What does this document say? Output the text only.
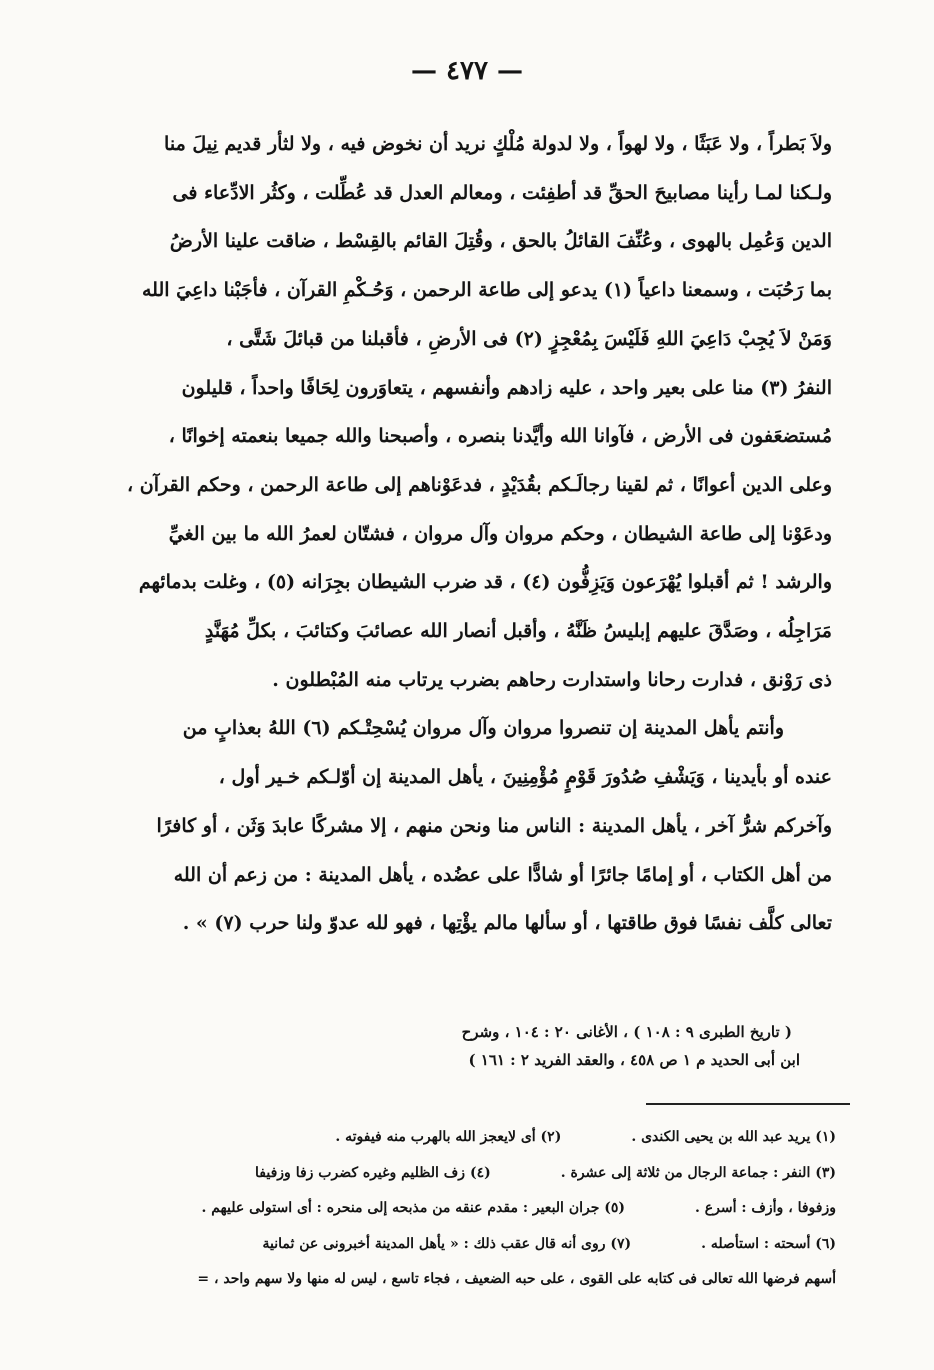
— ٤٧٧ —
ولاَ بَطراً ، ولا عَبَثًا ، ولا لهواً ، ولا لدولة مُلْكٍ نريد أن نخوض فيه ، ولا لثأر قديم نِيلَ منا
ولـكنا لمـا رأينا مصابيحَ الحقِّ قد أطفِئت ، ومعالم العدل قد عُطِّلت ، وكثُر الادِّعاء فى
الدين وَعُمِل بالهوى ، وعُنِّفَ القائلُ بالحق ، وقُتِلَ القائم بالقِسْط ، ضاقت علينا الأرضُ
بما رَحُبَت ، وسمعنا داعياً (١) يدعو إلى طاعة الرحمن ، وَحُـكْمِ القرآن ، فأجَبْنا داعِيَ الله
وَمَنْ لاَ يُجِبْ دَاعِيَ اللهِ فَلَيْسَ بِمُعْجِزٍ (٢) فى الأرضِ ، فأقبلنا من قبائلَ شَتَّى ،
النفرُ (٣) منا على بعير واحد ، عليه زادهم وأنفسهم ، يتعاوَرون لِحَافًا واحداً ، قليلون
مُستضعَفون فى الأرض ، فآوانا الله وأيَّدنا بنصره ، وأصبحنا والله جميعا بنعمته إخوانًا ،
وعلى الدين أعوانًا ، ثم لقينا رجالَـكم بقُدَيْدٍ ، فدعَوْناهم إلى طاعة الرحمن ، وحكم القرآن ،
ودعَوْنا إلى طاعة الشيطان ، وحكم مروان وآل مروان ، فشتّان لعمرُ الله ما بين الغيِّ
والرشد ! ثم أقبلوا يُهْرَعون وَيَزِفُّون (٤) ، قد ضرب الشيطان بجِرَانه (٥) ، وغلت بدمائهم
مَرَاجِلُه ، وصَدَّقَ عليهم إبليسُ ظَنَّهُ ، وأقبل أنصار الله عصائبَ وكتائبَ ، بكلِّ مُهَنَّدٍ
ذى رَوْنق ، فدارت رحانا واستدارت رحاهم بضرب يرتاب منه المُبْطلون .
وأنتم يأهل المدينة إن تنصروا مروان وآل مروان يُسْحِتْـكم (٦) اللهُ بعذابٍ من
عنده أو بأيدينا ، وَيَشْفِ صُدُورَ قَوْمٍ مُؤْمِنِينَ ، يأهل المدينة إن أوّلـكم خـير أول ،
وآخركم شرُّ آخر ، يأهل المدينة : الناس منا ونحن منهم ، إلا مشركًا عابدَ وَثَن ، أو كافرًا
من أهل الكتاب ، أو إمامًا جائرًا أو شادًّا على عضُده ، يأهل المدينة : من زعم أن الله
تعالى كلَّف نفسًا فوق طاقتها ، أو سألها مالم يؤْتِها ، فهو لله عدوّ ولنا حرب (٧) » .
( تاريخ الطبرى ٩ : ١٠٨ ) ، الأغانى ٢٠ : ١٠٤ ، وشرح
ابن أبى الحديد م ١ ص ٤٥٨ ، والعقد الفريد ٢ : ١٦١ )
(١) يريد عبد الله بن يحيى الكندى .(٢) أى لايعجز الله بالهرب منه فيفوته .
(٣) النفر : جماعة الرجال من ثلاثة إلى عشرة .(٤) زف الظليم وغيره كضرب زفا وزفيفا
وزفوفا ، وأزف : أسرع .(٥) جران البعير : مقدم عنقه من مذبحه إلى منحره : أى استولى عليهم .
(٦) أسحته : استأصله .(٧) روى أنه قال عقب ذلك : « يأهل المدينة أخبرونى عن ثمانية
أسهم فرضها الله تعالى فى كتابه على القوى ، على حبه الضعيف ، فجاء تاسع ، ليس له منها ولا سهم واحد ، =
